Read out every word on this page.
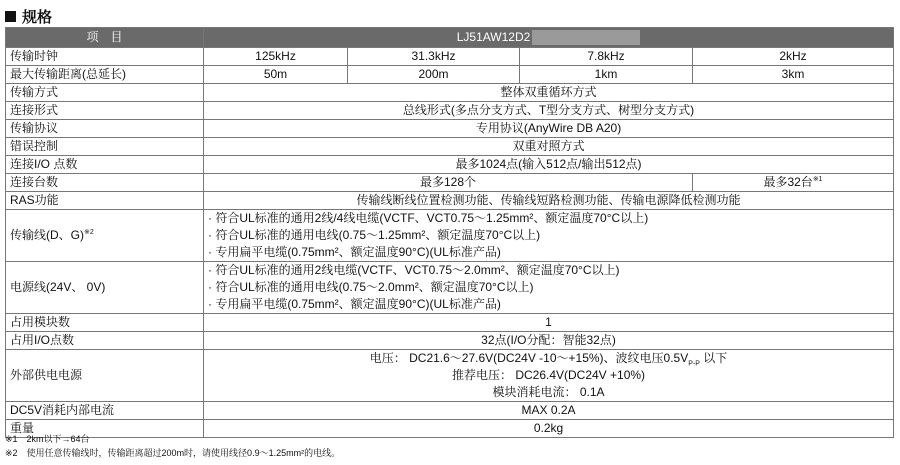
规格
项　目	LJ51AW12D2			
传输时钟	125kHz	31.3kHz	7.8kHz	2kHz
最大传输距离(总延长)	50m	200m	1km	3km
传输方式	整体双重循环方式			
连接形式	总线形式(多点分支方式、T型分支方式、树型分支方式)			
传输协议	专用协议(AnyWire DB A20)			
错误控制	双重对照方式			
连接I/O 点数	最多1024点(输入512点/输出512点)			
连接台数	最多128个			最多32台$^{※1}$
RAS功能	传输线断线位置检测功能、传输线短路检测功能、传输电源降低检测功能			
传输线(D、G)$^{※2}$	· 符合UL标准的通用2线/4线电缆(VCTF、VCT0.75～1.25mm²、额定温度70°C以上)
· 符合UL标准的通用电线(0.75～1.25mm²、额定温度70°C以上)
· 专用扁平电缆(0.75mm²、额定温度90°C)(UL标准产品)			

电源线(24V、 0V)	· 符合UL标准的通用2线电缆(VCTF、VCT0.75～2.0mm²、额定温度70°C以上)
· 符合UL标准的通用电线(0.75～2.0mm²、额定温度70°C以上)
· 专用扁平电缆(0.75mm²、额定温度90°C)(UL标准产品)			

占用模块数	1			
占用I/O点数	32点(I/O分配：智能32点)			
外部供电电源	电压： DC21.6～27.6V(DC24V -10～+15%)、波纹电压$0.5V_{P-P}$ 以下
推荐电压： DC26.4V(DC24V +10%)
模块消耗电流： 0.1A			

DC5V消耗内部电流	MAX 0.2A			
重量	0.2kg			
※1　2km以下→64台
※2　使用任意传输线时，传输距离超过200m时，请使用线径0.9～1.25mm²的电线。
